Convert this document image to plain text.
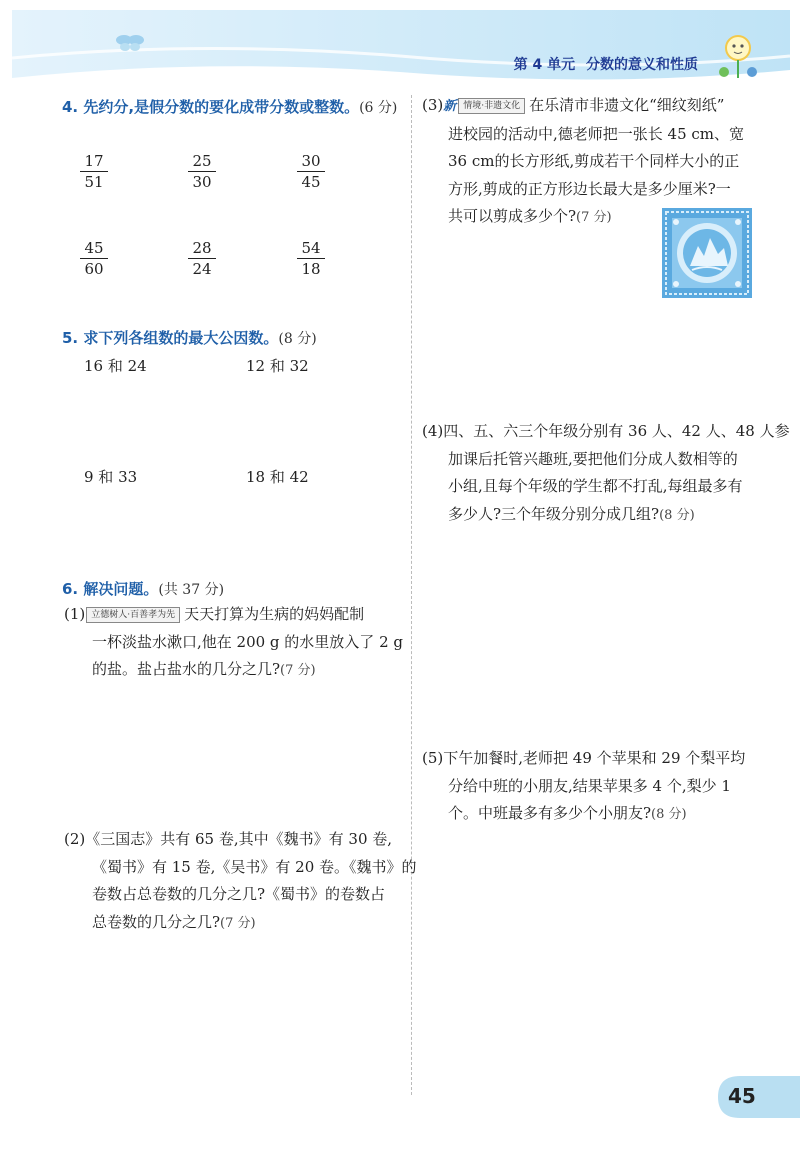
第 4 单元 分数的意义和性质
4. 先约分,是假分数的要化成带分数或整数。(6 分)
$\frac{17}{51}$	$\frac{25}{30}$	$\frac{30}{45}$
$\frac{45}{60}$	$\frac{28}{24}$	$\frac{54}{18}$
5. 求下列各组数的最大公因数。(8 分)
16 和 24	12 和 32
9 和 33	18 和 42
6. 解决问题。(共 37 分)
(1) 立德树人·百善孝为先 天天打算为生病的妈妈配制
一杯淡盐水漱口,他在 200 g 的水里放入了 2 g
的盐。盐占盐水的几分之几?(7 分)
(2)《三国志》共有 65 卷,其中《魏书》有 30 卷,
《蜀书》有 15 卷,《吴书》有 20 卷。《魏书》的
卷数占总卷数的几分之几?《蜀书》的卷数占
总卷数的几分之几?(7 分)
(3)新 情境·非遗文化 在乐清市非遗文化“细纹刻纸”
进校园的活动中,德老师把一张长 45 cm、宽
36 cm的长方形纸,剪成若干个同样大小的正
方形,剪成的正方形边长最大是多少厘米?一
共可以剪成多少个?(7 分)
(4)四、五、六三个年级分别有 36 人、42 人、48 人参
加课后托管兴趣班,要把他们分成人数相等的
小组,且每个年级的学生都不打乱,每组最多有
多少人?三个年级分别分成几组?(8 分)
(5)下午加餐时,老师把 49 个苹果和 29 个梨平均
分给中班的小朋友,结果苹果多 4 个,梨少 1
个。中班最多有多少个小朋友?(8 分)
45
